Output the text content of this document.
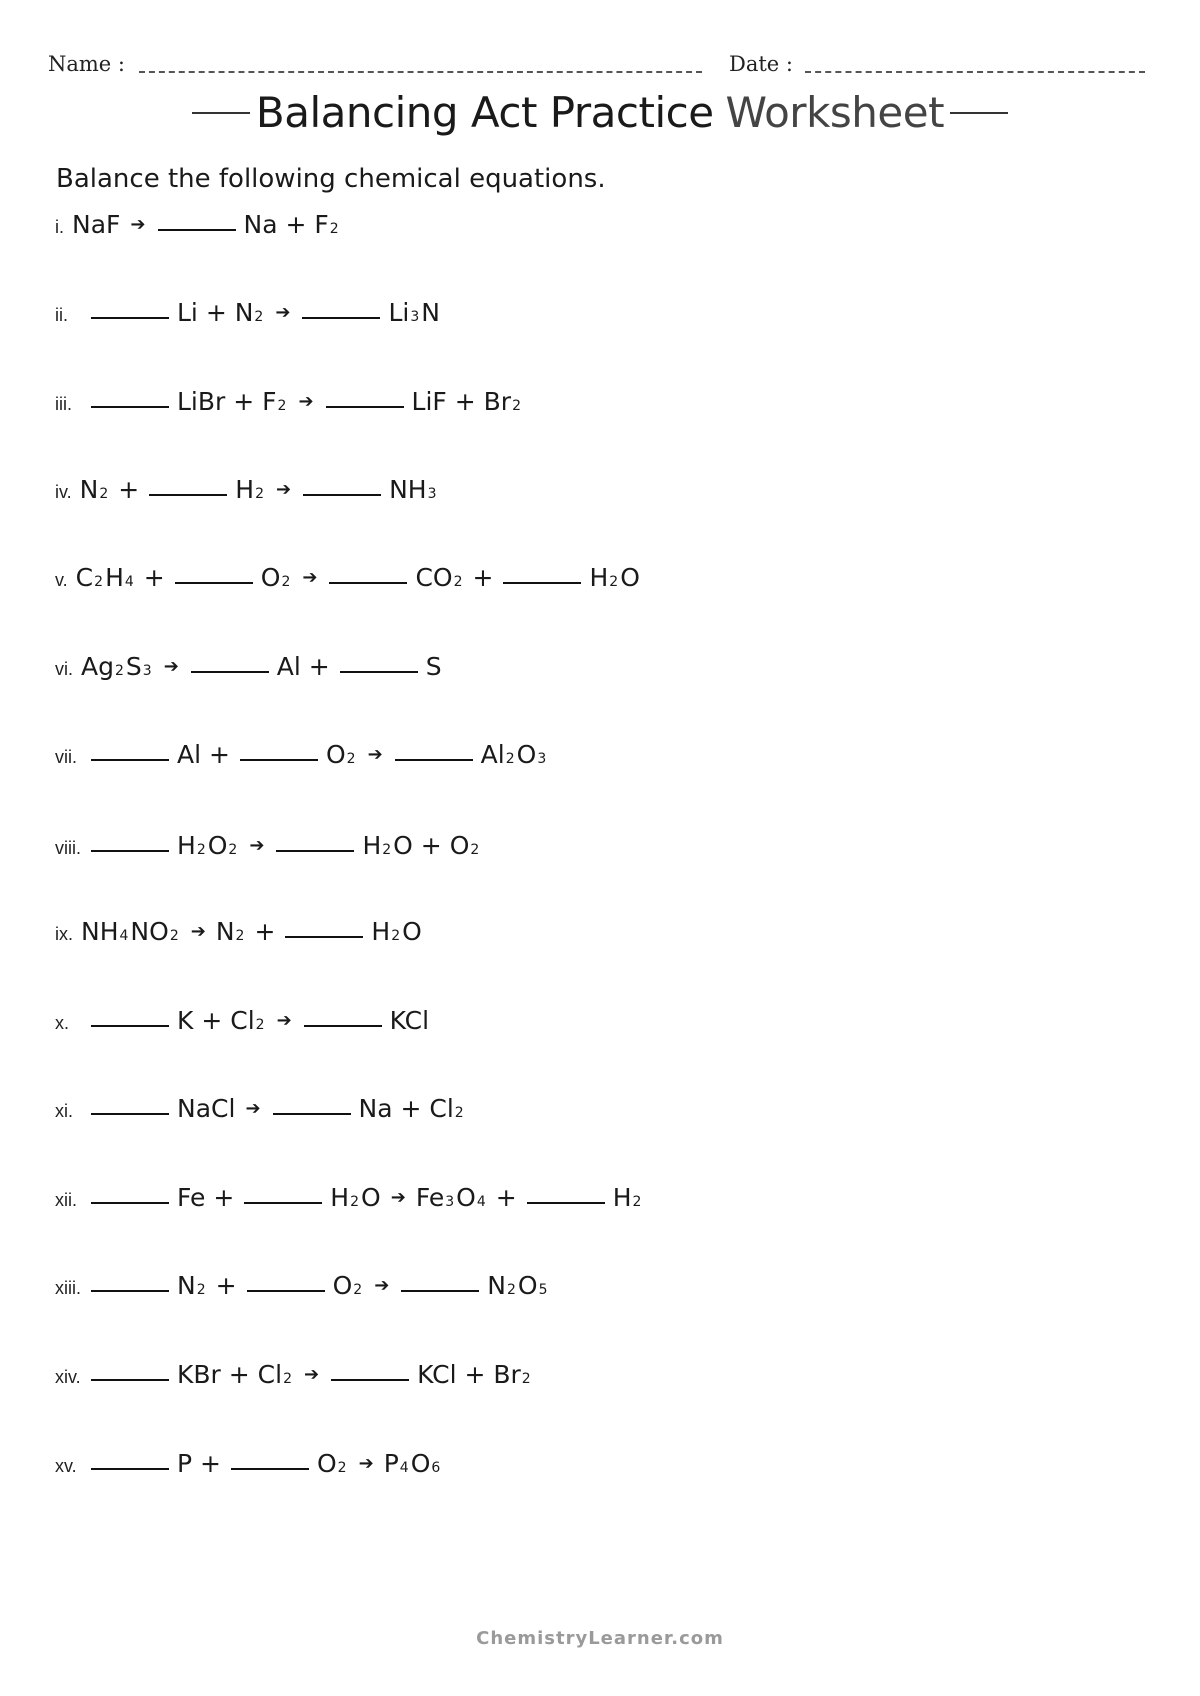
Name :	Date :
Balancing Act Practice Worksheet
Balance the following chemical equations.
i. NaF ➔	Na + F 2
ii.	Li + N 2 ➔	Li 3 N
iii.	LiBr + F 2 ➔	LiF + Br 2
iv. N 2 +	H 2 ➔	NH 3
v. C 2 H 4 +	O 2 ➔	CO 2 +	H 2 O
vi. Ag 2 S 3 ➔	Al +	S
vii.	Al +	O 2 ➔	Al 2 O 3
viii.	H 2 O 2 ➔	H 2 O + O 2
ix. NH 4 NO 2 ➔ N 2 +	H 2 O
x.	K + Cl 2 ➔	KCl
xi.	NaCl ➔	Na + Cl 2
xii.	Fe +	H 2 O ➔ Fe 3 O 4 +	H 2
xiii.	N 2 +	O 2 ➔	N 2 O 5
xiv.	KBr + Cl 2 ➔	KCl + Br 2
xv.	P +	O 2 ➔ P 4 O 6
ChemistryLearner.com
